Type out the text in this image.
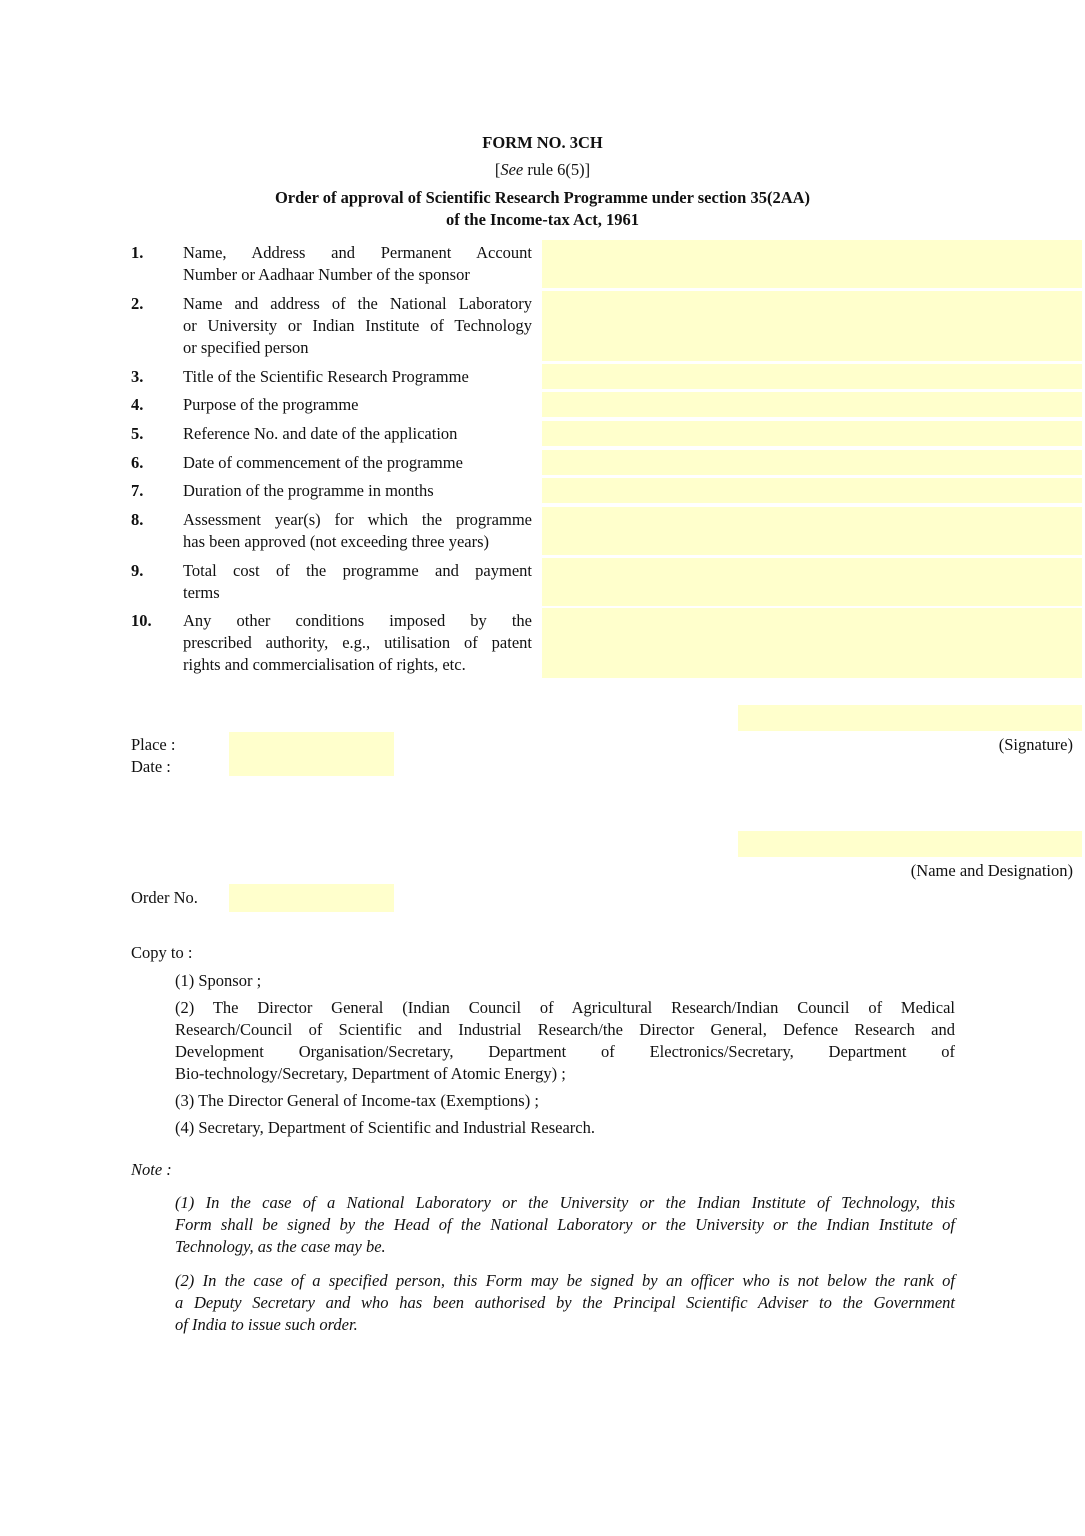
FORM NO. 3CH
[See rule 6(5)]
Order of approval of Scientific Research Programme under section 35(2AA)
of the Income-tax Act, 1961
1. Name, Address and Permanent Account
Number or Aadhaar Number of the sponsor
2. Name and address of the National Laboratory
or University or Indian Institute of Technology
or specified person
3. Title of the Scientific Research Programme
4. Purpose of the programme
5. Reference No. and date of the application
6. Date of commencement of the programme
7. Duration of the programme in months
8. Assessment year(s) for which the programme
has been approved (not exceeding three years)
9. Total cost of the programme and payment
terms
10. Any other conditions imposed by the
prescribed authority, e.g., utilisation of patent
rights and commercialisation of rights, etc.
Place :
Date :
(Signature)
(Name and Designation)
Order No.
Copy to :
(1) Sponsor ;
(2) The Director General (Indian Council of Agricultural Research/Indian Council of Medical
Research/Council of Scientific and Industrial Research/the Director General, Defence Research and
Development Organisation/Secretary, Department of Electronics/Secretary, Department of
Bio-technology/Secretary, Department of Atomic Energy) ;
(3) The Director General of Income-tax (Exemptions) ;
(4) Secretary, Department of Scientific and Industrial Research.
Note :
(1) In the case of a National Laboratory or the University or the Indian Institute of Technology, this
Form shall be signed by the Head of the National Laboratory or the University or the Indian Institute of
Technology, as the case may be.
(2) In the case of a specified person, this Form may be signed by an officer who is not below the rank of
a Deputy Secretary and who has been authorised by the Principal Scientific Adviser to the Government
of India to issue such order.
